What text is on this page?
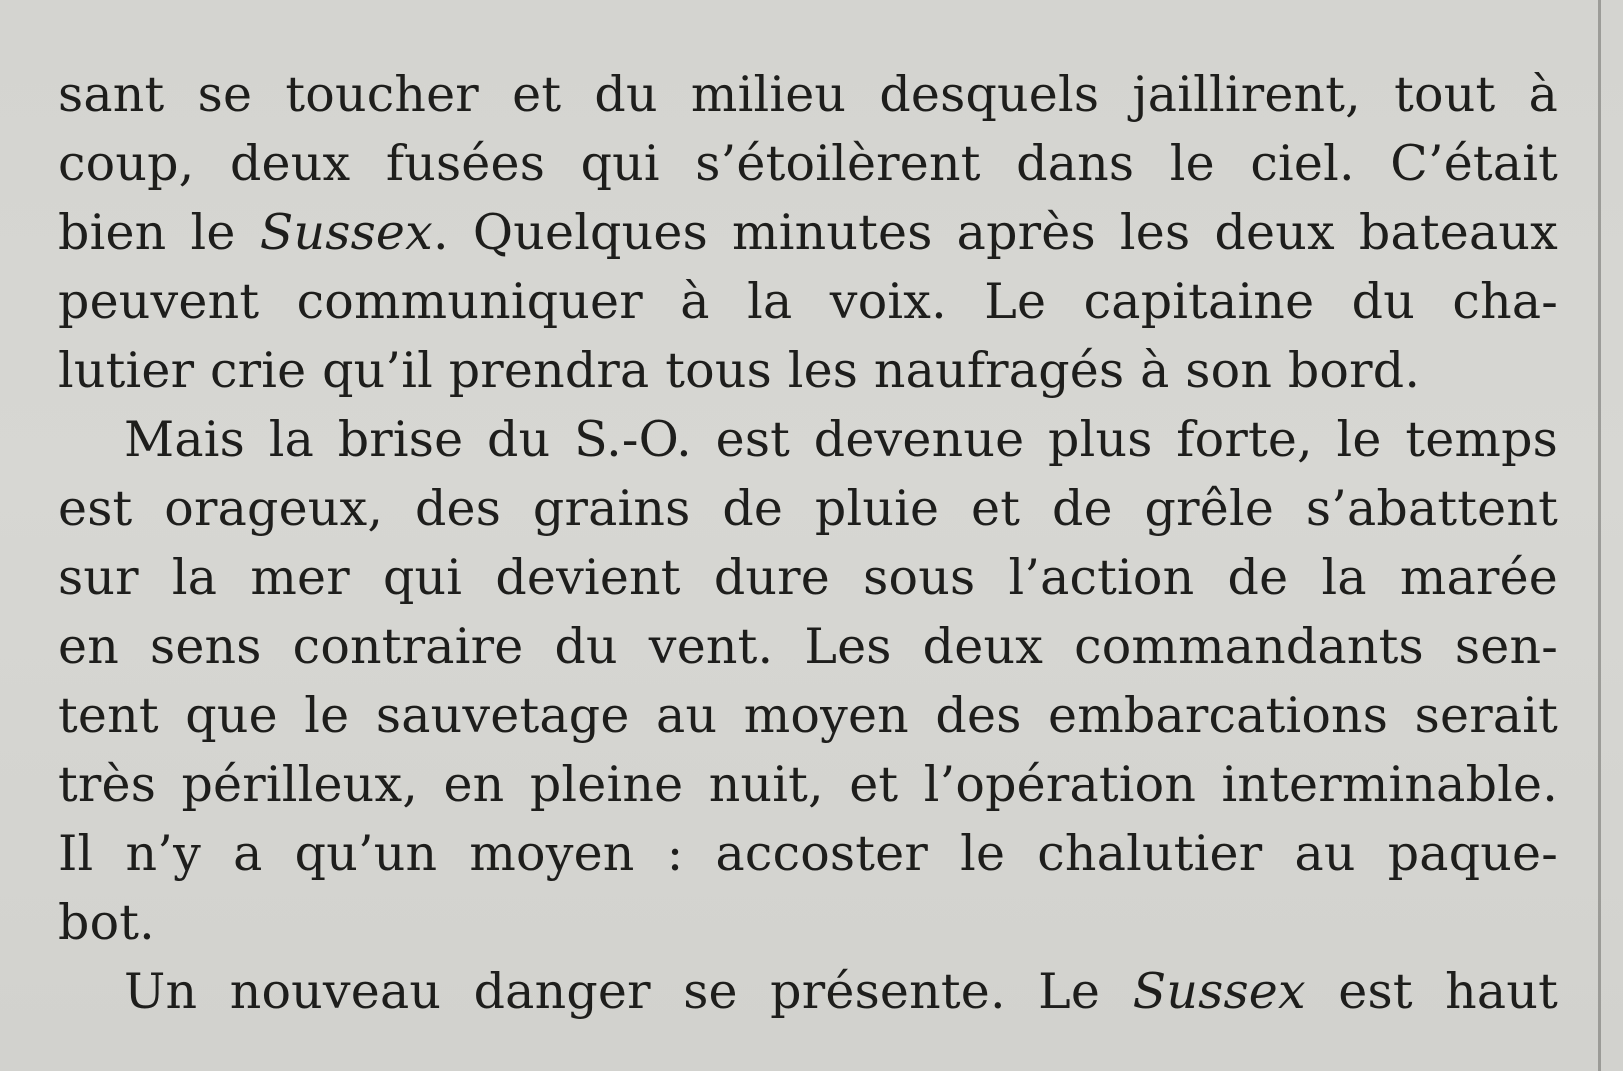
sant se toucher et du milieu desquels jaillirent, tout à
coup, deux fusées qui s’étoilèrent dans le ciel. C’était
bien le Sussex. Quelques minutes après les deux bateaux
peuvent communiquer à la voix. Le capitaine du cha-
lutier crie qu’il prendra tous les naufragés à son bord.
Mais la brise du S.-O. est devenue plus forte, le temps
est orageux, des grains de pluie et de grêle s’abattent
sur la mer qui devient dure sous l’action de la marée
en sens contraire du vent. Les deux commandants sen-
tent que le sauvetage au moyen des embarcations serait
très périlleux, en pleine nuit, et l’opération interminable.
Il n’y a qu’un moyen : accoster le chalutier au paque-
bot.
Un nouveau danger se présente. Le Sussex est haut
